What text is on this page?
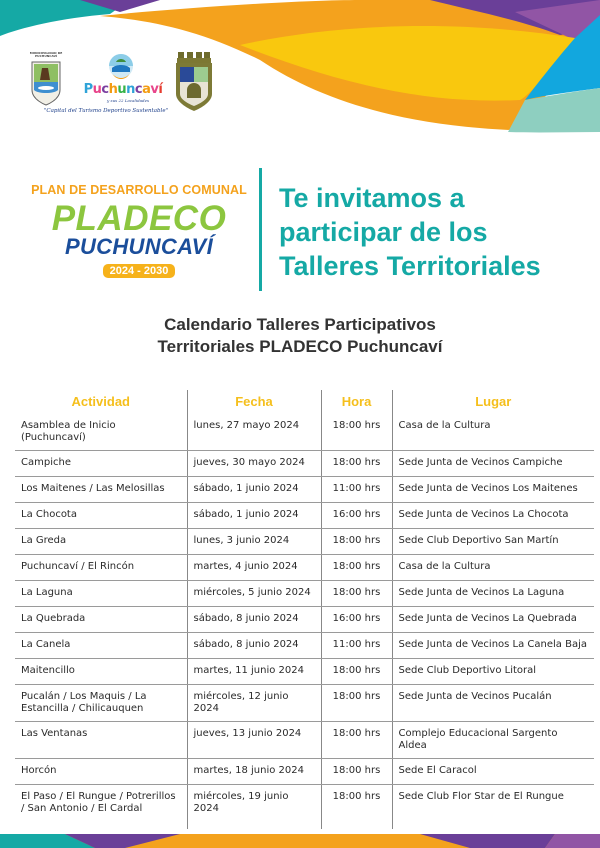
MUNICIPALIDAD DE PUCHUNCAVÍ
Puchuncaví
y sus 22 Localidades
"Capital del Turismo Deportivo Sustentable"
PLAN DE DESARROLLO COMUNAL
PLADECO
PUCHUNCAVÍ
2024 - 2030
Te invitamos a
participar de los
Talleres Territoriales
Calendario Talleres Participativos
Territoriales PLADECO Puchuncaví
Actividad	Fecha	Hora	Lugar
Asamblea de Inicio (Puchuncaví)	lunes, 27 mayo 2024	18:00 hrs	Casa de la Cultura
Campiche	jueves, 30 mayo 2024	18:00 hrs	Sede Junta de Vecinos Campiche
Los Maitenes / Las Melosillas	sábado, 1 junio 2024	11:00 hrs	Sede Junta de Vecinos Los Maitenes
La Chocota	sábado, 1 junio 2024	16:00 hrs	Sede Junta de Vecinos La Chocota
La Greda	lunes, 3 junio 2024	18:00 hrs	Sede Club Deportivo San Martín
Puchuncaví / El Rincón	martes, 4 junio 2024	18:00 hrs	Casa de la Cultura
La Laguna	miércoles, 5 junio 2024	18:00 hrs	Sede Junta de Vecinos La Laguna
La Quebrada	sábado, 8 junio 2024	16:00 hrs	Sede Junta de Vecinos La Quebrada
La Canela	sábado, 8 junio 2024	11:00 hrs	Sede Junta de Vecinos La Canela Baja
Maitencillo	martes, 11 junio 2024	18:00 hrs	Sede Club Deportivo Litoral
Pucalán / Los Maquis / La Estancilla / Chilicauquen	miércoles, 12 junio 2024	18:00 hrs	Sede Junta de Vecinos Pucalán
Las Ventanas	jueves, 13 junio 2024	18:00 hrs	Complejo Educacional Sargento Aldea
Horcón	martes, 18 junio 2024	18:00 hrs	Sede El Caracol
El Paso / El Rungue / Potrerillos / San Antonio / El Cardal	miércoles, 19 junio 2024	18:00 hrs	Sede Club Flor Star de El Rungue
